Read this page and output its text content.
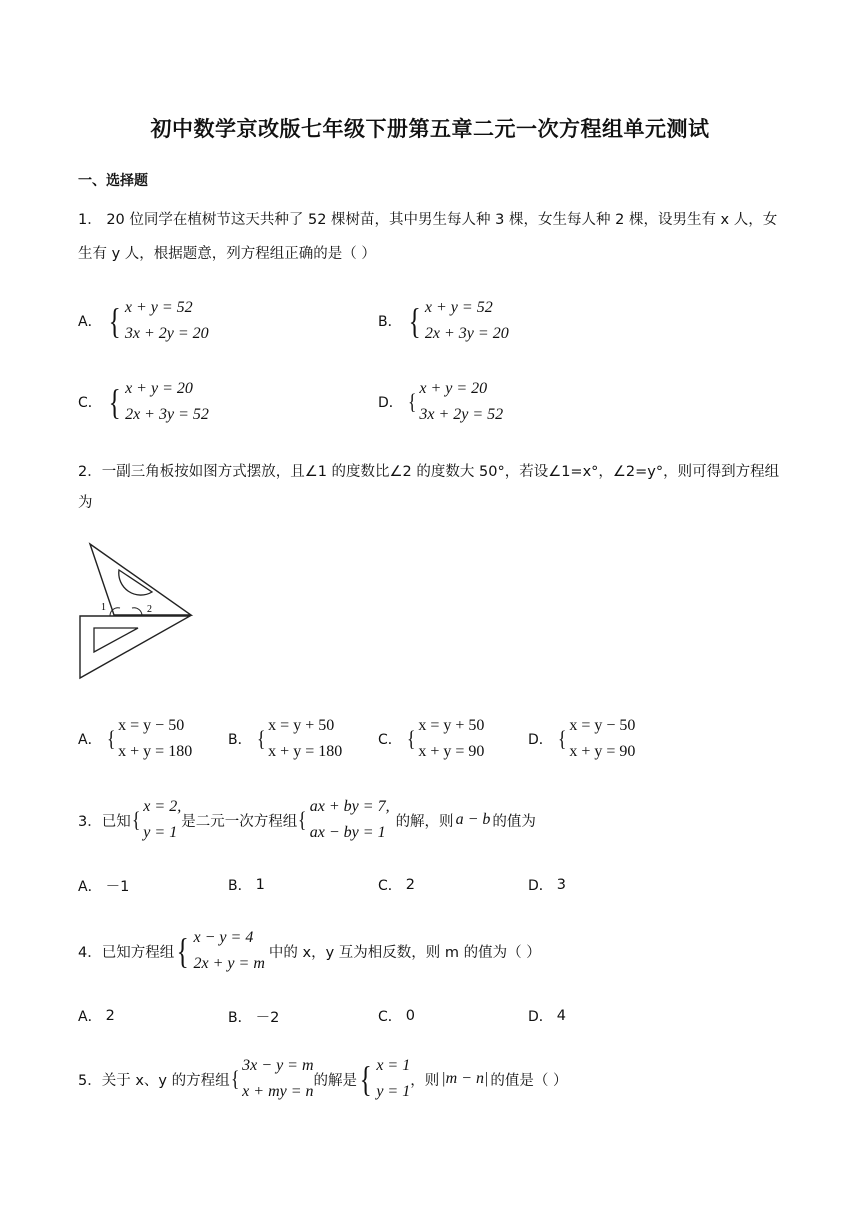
初中数学京改版七年级下册第五章二元一次方程组单元测试
一、选择题
1． 20 位同学在植树节这天共种了 52 棵树苗，其中男生每人种 3 棵，女生每人种 2 棵，设男生有 x 人，女
生有 y 人，根据题意，列方程组正确的是（ ）
A． { x + y = 52
3x + 2y = 20
B． { x + y = 52
2x + 3y = 20
C． { x + y = 20
2x + 3y = 52
D． {
x + y = 20
3x + 2y = 52
2．一副三角板按如图方式摆放，且∠1 的度数比∠2 的度数大 50°，若设∠1=x°，∠2=y°，则可得到方程组
为
1	2
A． {
x = y − 50
x + y = 180
B． {
x = y + 50
x + y = 180
C． {
x = y + 50
x + y = 90
D． {
x = y − 50
x + y = 90
3．已知 {
x = 2,
y = 1
是二元一次方程组 {
ax + by = 7,
ax − by = 1
的解，则 a − b 的值为
A． －1	B． 1	C． 2	D． 3
4．已知方程组 { x − y = 4
2x + y = m
中的 x，y 互为相反数，则 m 的值为（ ）
A． 2	B． －2	C． 0	D． 4
5．关于 x、y 的方程组 {
3x − y = m
x + my = n
的解是 { x = 1
y = 1
，则 |m − n| 的值是（ ）
